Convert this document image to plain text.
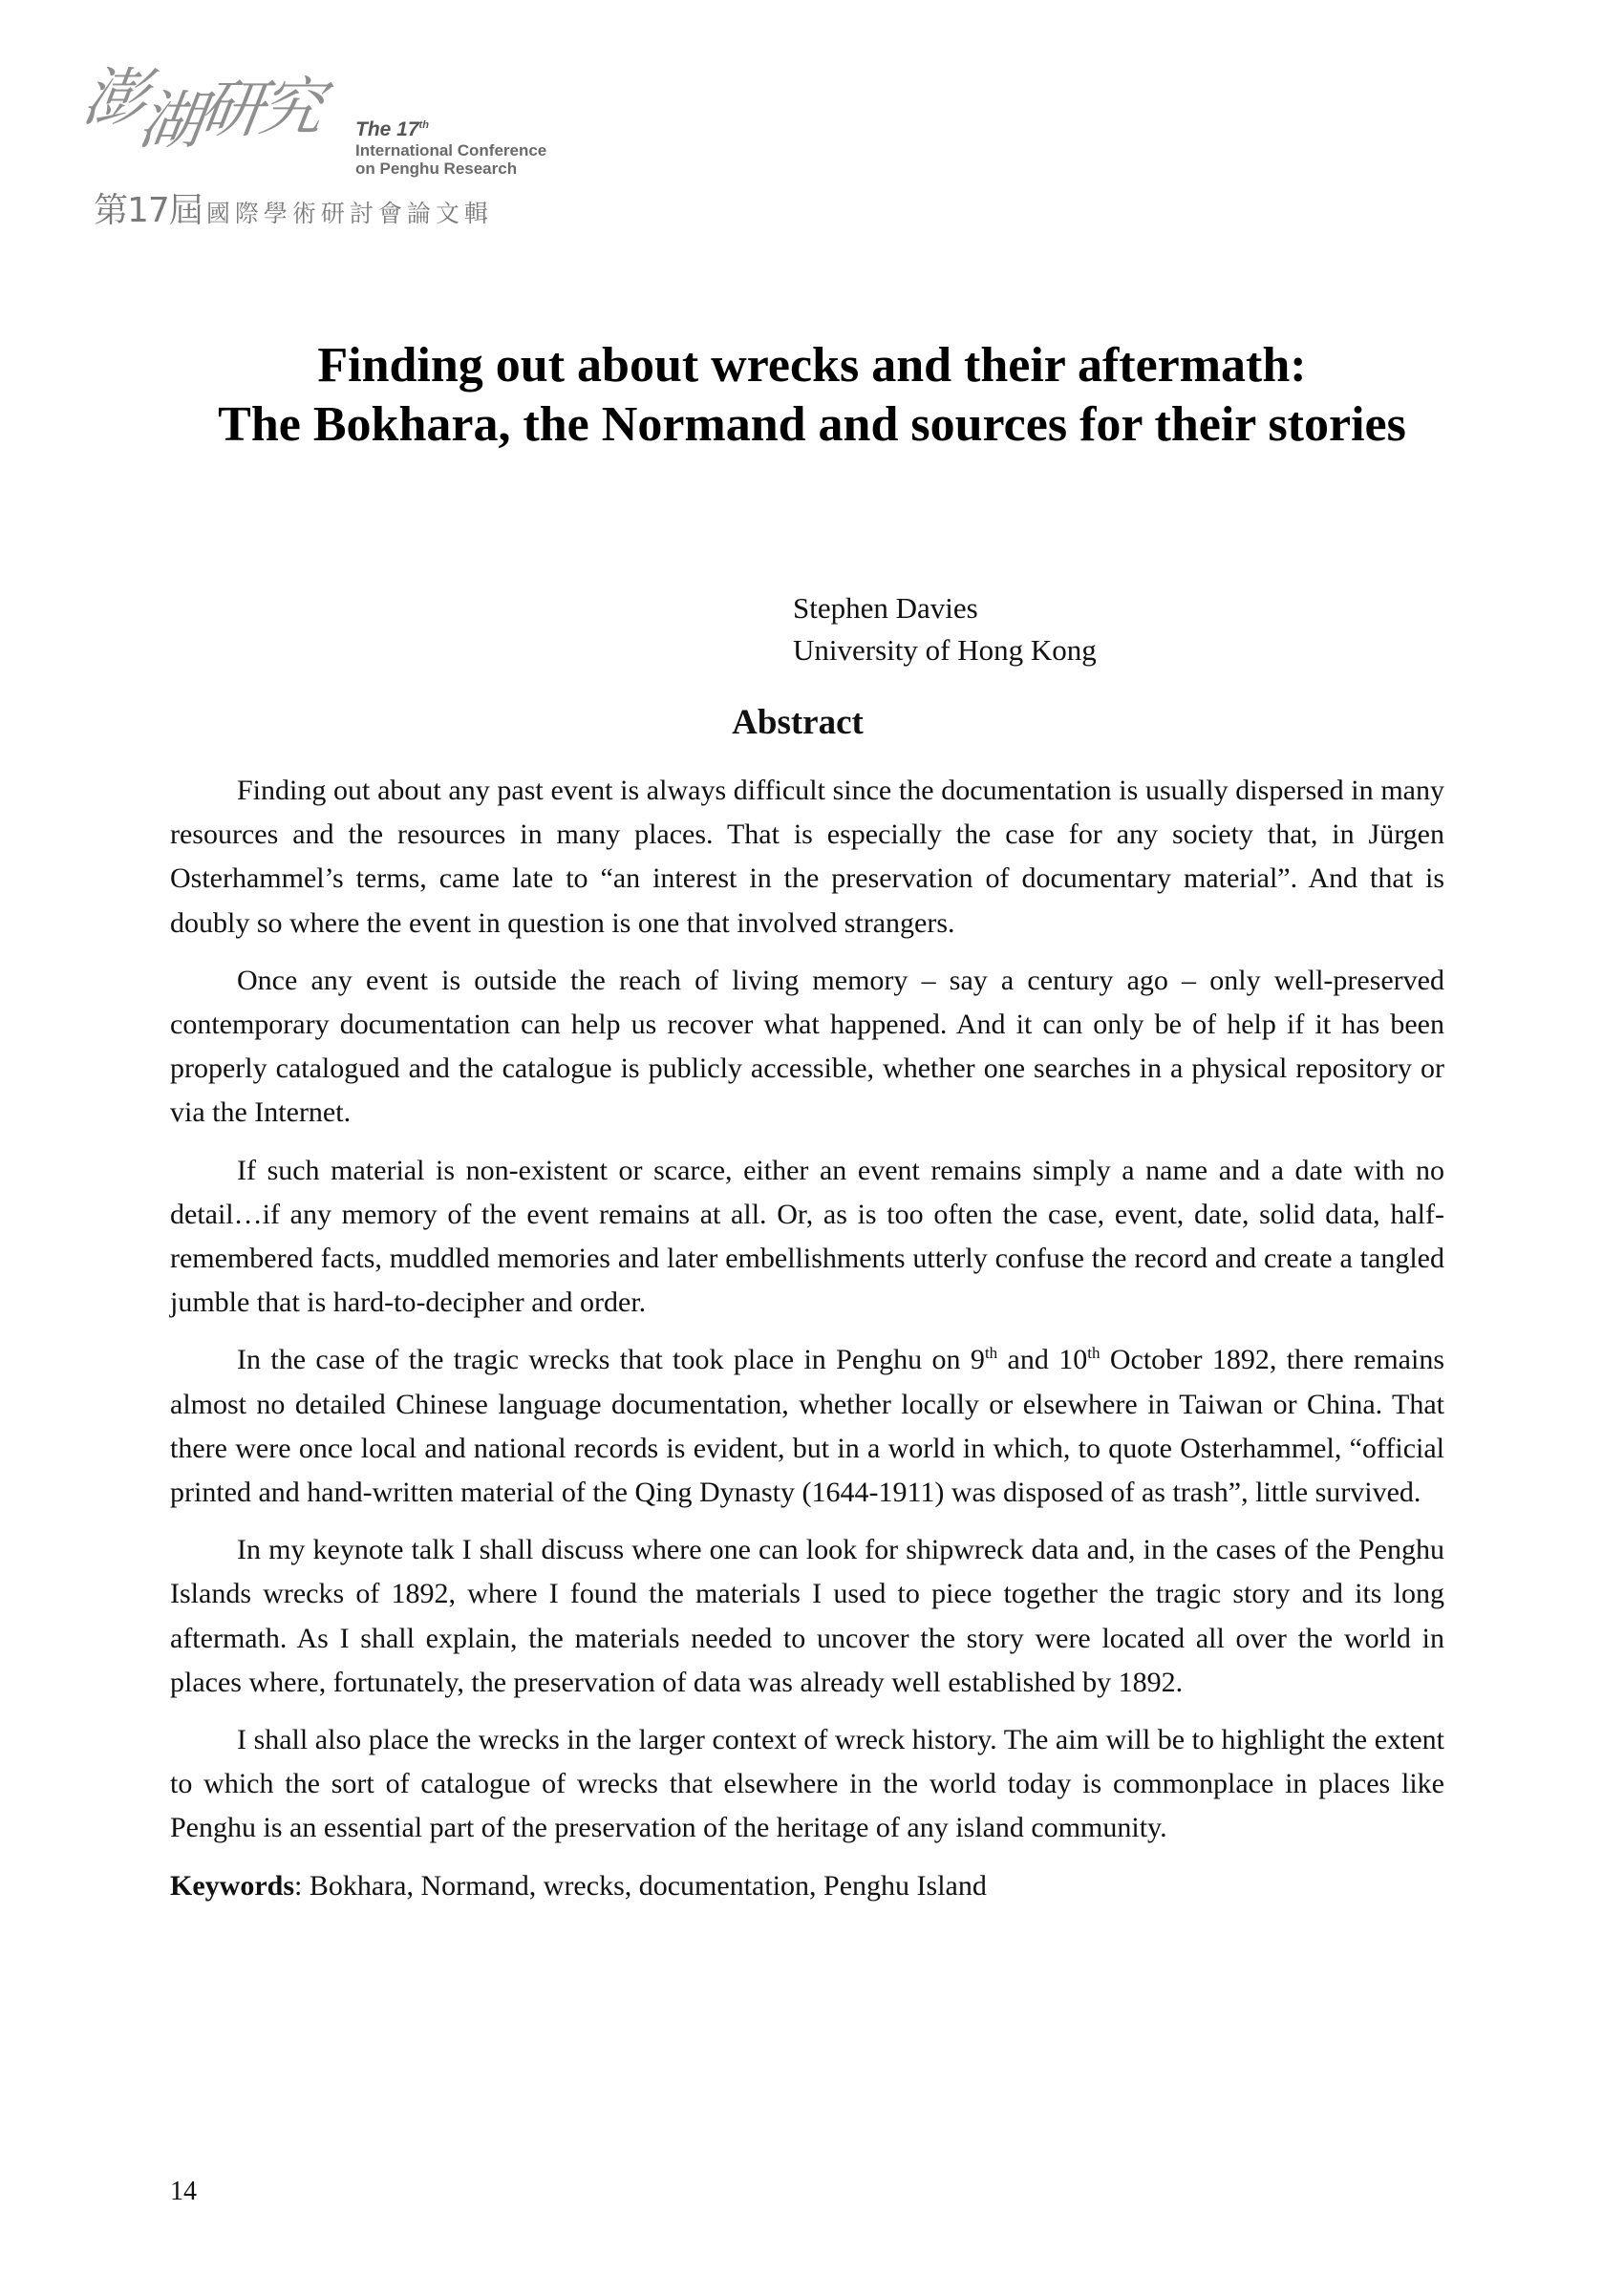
澎湖研究 The 17th
International Conference
on Penghu Research
第17屆 國際學術研討會論文輯
Finding out about wrecks and their aftermath:
The Bokhara, the Normand and sources for their stories
Stephen Davies
University of Hong Kong
Abstract

Finding out about any past event is always difficult since the documentation is usually dispersed in many resources and the resources in many places. That is especially the case for any society that, in Jürgen Osterhammel’s terms, came late to “an interest in the preservation of documentary material”. And that is doubly so where the event in question is one that involved strangers.

Once any event is outside the reach of living memory – say a century ago – only well-preserved contemporary documentation can help us recover what happened. And it can only be of help if it has been properly catalogued and the catalogue is publicly accessible, whether one searches in a physical repository or via the Internet.

If such material is non-existent or scarce, either an event remains simply a name and a date with no detail…if any memory of the event remains at all. Or, as is too often the case, event, date, solid data, half-remembered facts, muddled memories and later embellishments utterly confuse the record and create a tangled jumble that is hard-to-decipher and order.

In the case of the tragic wrecks that took place in Penghu on 9th and 10th October 1892, there remains almost no detailed Chinese language documentation, whether locally or elsewhere in Taiwan or China. That there were once local and national records is evident, but in a world in which, to quote Osterhammel, “official printed and hand-written material of the Qing Dynasty (1644-1911) was disposed of as trash”, little survived.

In my keynote talk I shall discuss where one can look for shipwreck data and, in the cases of the Penghu Islands wrecks of 1892, where I found the materials I used to piece together the tragic story and its long aftermath. As I shall explain, the materials needed to uncover the story were located all over the world in places where, fortunately, the preservation of data was already well established by 1892.

I shall also place the wrecks in the larger context of wreck history. The aim will be to highlight the extent to which the sort of catalogue of wrecks that elsewhere in the world today is commonplace in places like Penghu is an essential part of the preservation of the heritage of any island community.

Keywords: Bokhara, Normand, wrecks, documentation, Penghu Island
14
